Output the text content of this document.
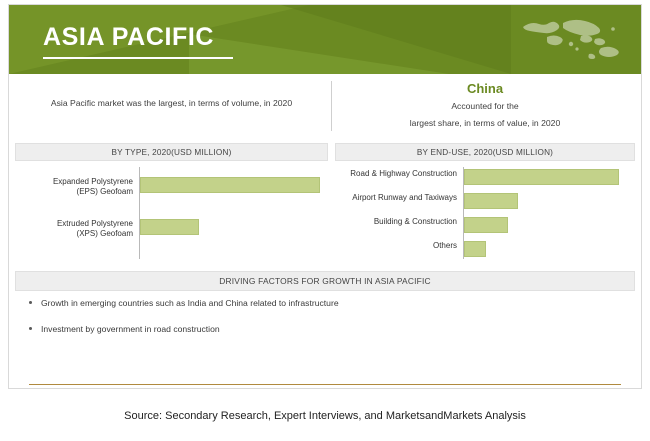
ASIA PACIFIC
Asia Pacific market was the largest, in terms of volume, in 2020
China
Accounted for the
largest share, in terms of value, in 2020
BY TYPE, 2020(USD MILLION)	BY END-USE, 2020(USD MILLION)
Expanded Polystyrene
(EPS) Geofoam
Extruded Polystyrene
(XPS) Geofoam
Road & Highway Construction
Airport Runway and Taxiways
Building & Construction
Others
DRIVING FACTORS FOR GROWTH IN ASIA PACIFIC
Growth in emerging countries such as India and China related to infrastructure
Investment by government in road construction
Source: Secondary Research, Expert Interviews, and MarketsandMarkets Analysis
